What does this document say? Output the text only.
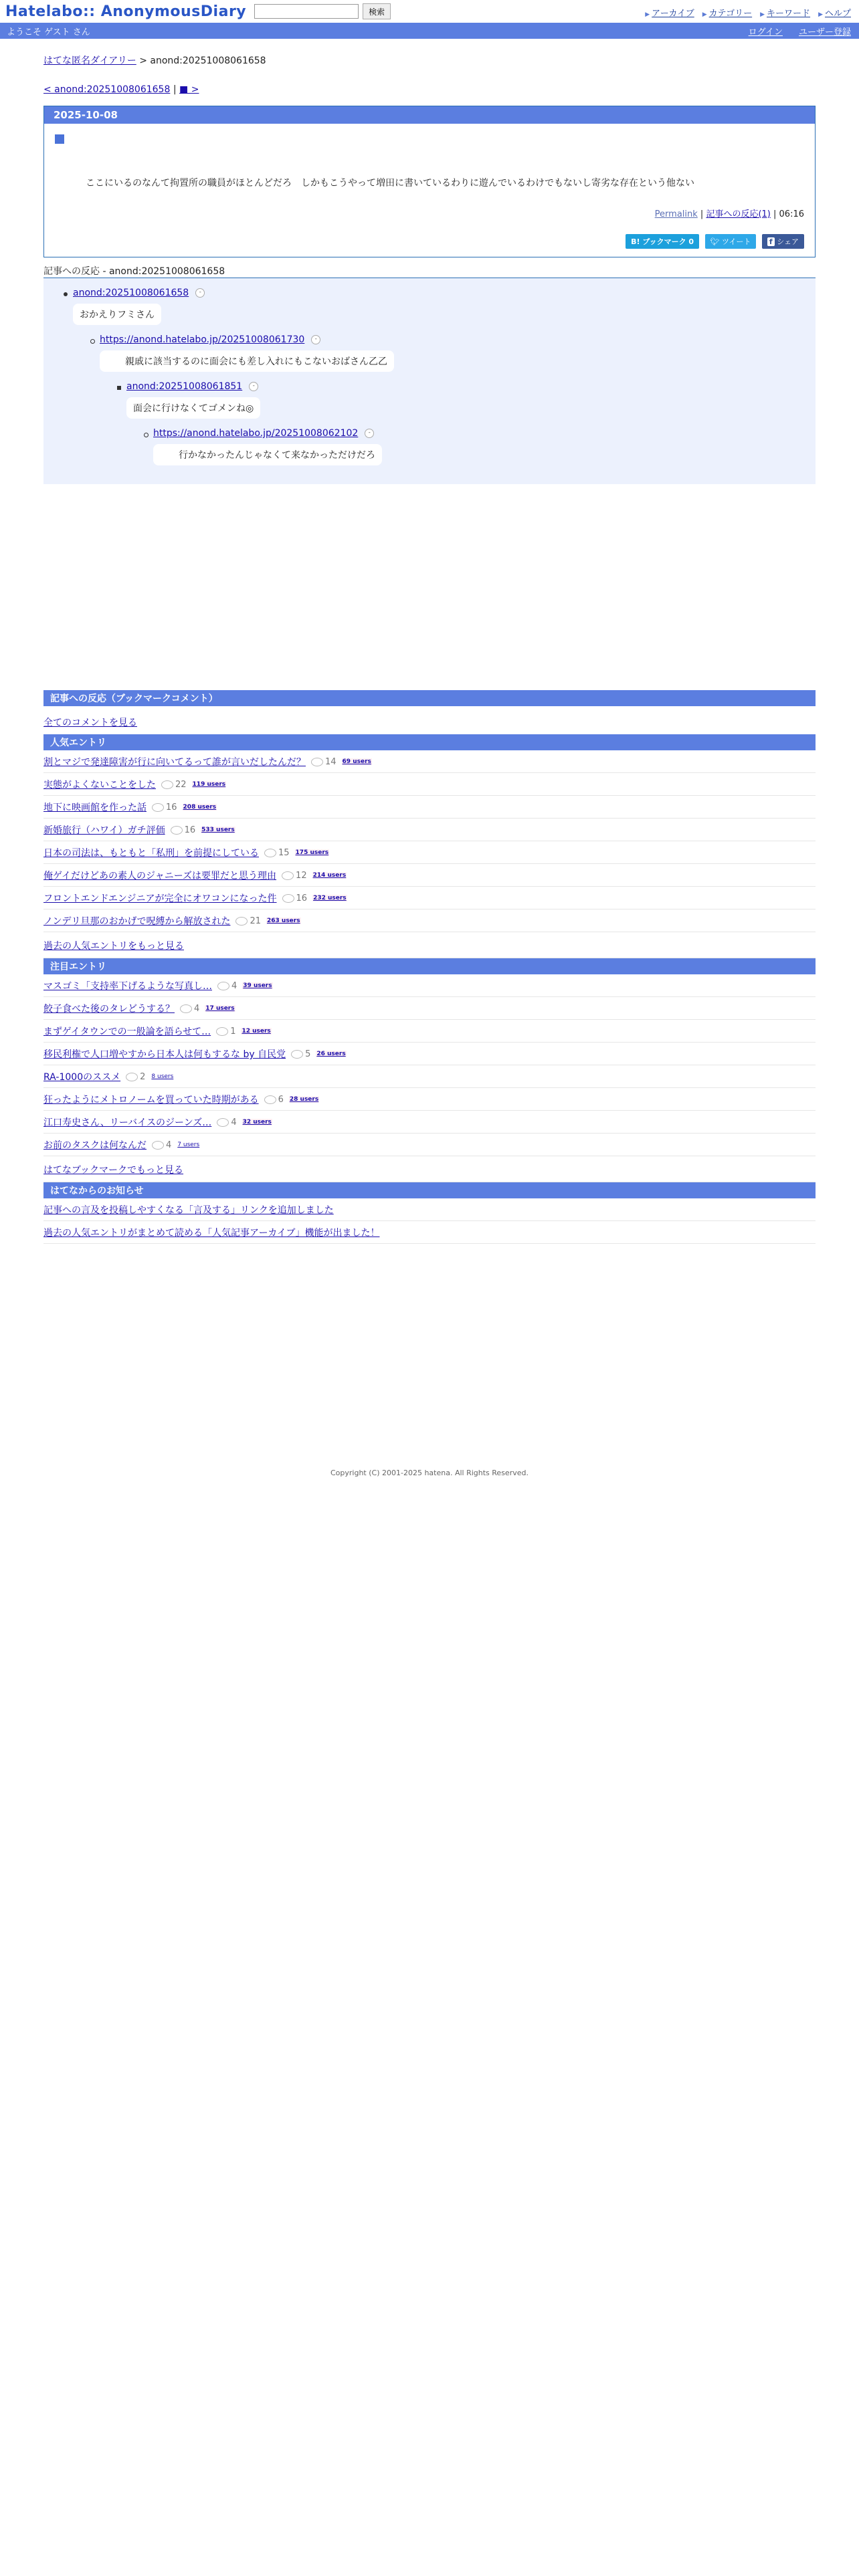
Hatelabo:: AnonymousDiary	検索	▶ アーカイブ	▶ カテゴリー	▶ キーワード	▶ ヘルプ
ようこそ ゲスト さん	ログイン ユーザー登録
はてな匿名ダイアリー > anond:20251008061658
< anond:20251008061658 | ■ >
2025-10-08
ここにいるのなんて拘置所の職員がほとんどだろ　しかもこうやって増田に書いているわりに遊んでいるわけでもないし寄劣な存在という他ない
Permalink | 記事への反応(1) | 06:16
B! ブックマーク 0 🐦︎ ツイート f シェア
記事への反応 - anond:20251008061658
anond:20251008061658 -
おかえりフミさん
https://anond.hatelabo.jp/20251008061730 -
　　親戚に該当するのに面会にも差し入れにもこないおばさん乙乙
anond:20251008061851 -
面会に行けなくてゴメンね◎
https://anond.hatelabo.jp/20251008062102 -
　　行かなかったんじゃなくて来なかっただけだろ
記事への反応（ブックマークコメント）
全てのコメントを見る
人気エントリ
割とマジで発達障害が行に向いてるって誰が言いだしたんだ？ 14 69 users
実態がよくないことをした 22 119 users
地下に映画館を作った話 16 208 users
新婚旅行（ハワイ）ガチ評価 16 533 users
日本の司法は、もともと「私刑」を前提にしている 15 175 users
俺ゲイだけどあの素人のジャニーズは要罪だと思う理由 12 214 users
フロントエンドエンジニアが完全にオワコンになった件 16 232 users
ノンデリ旦那のおかげで呪縛から解放された 21 263 users
過去の人気エントリをもっと見る
注目エントリ
マスゴミ「支持率下げるような写真し… 4 39 users
餃子食べた後のタレどうする？ 4 17 users
まずゲイタウンでの一般論を語らせて… 1 12 users
移民利権で人口増やすから日本人は何もするな by 自民党 5 26 users
RA-1000のススメ 2 8 users
狂ったようにメトロノームを買っていた時期がある 6 28 users
江口寿史さん、リーバイスのジーンズ… 4 32 users
お前のタスクは何なんだ 4 7 users
はてなブックマークでもっと見る
はてなからのお知らせ
記事への言及を投稿しやすくなる「言及する」リンクを追加しました
過去の人気エントリがまとめて読める「人気記事アーカイブ」機能が出ました！
Copyright (C) 2001-2025 hatena. All Rights Reserved.
